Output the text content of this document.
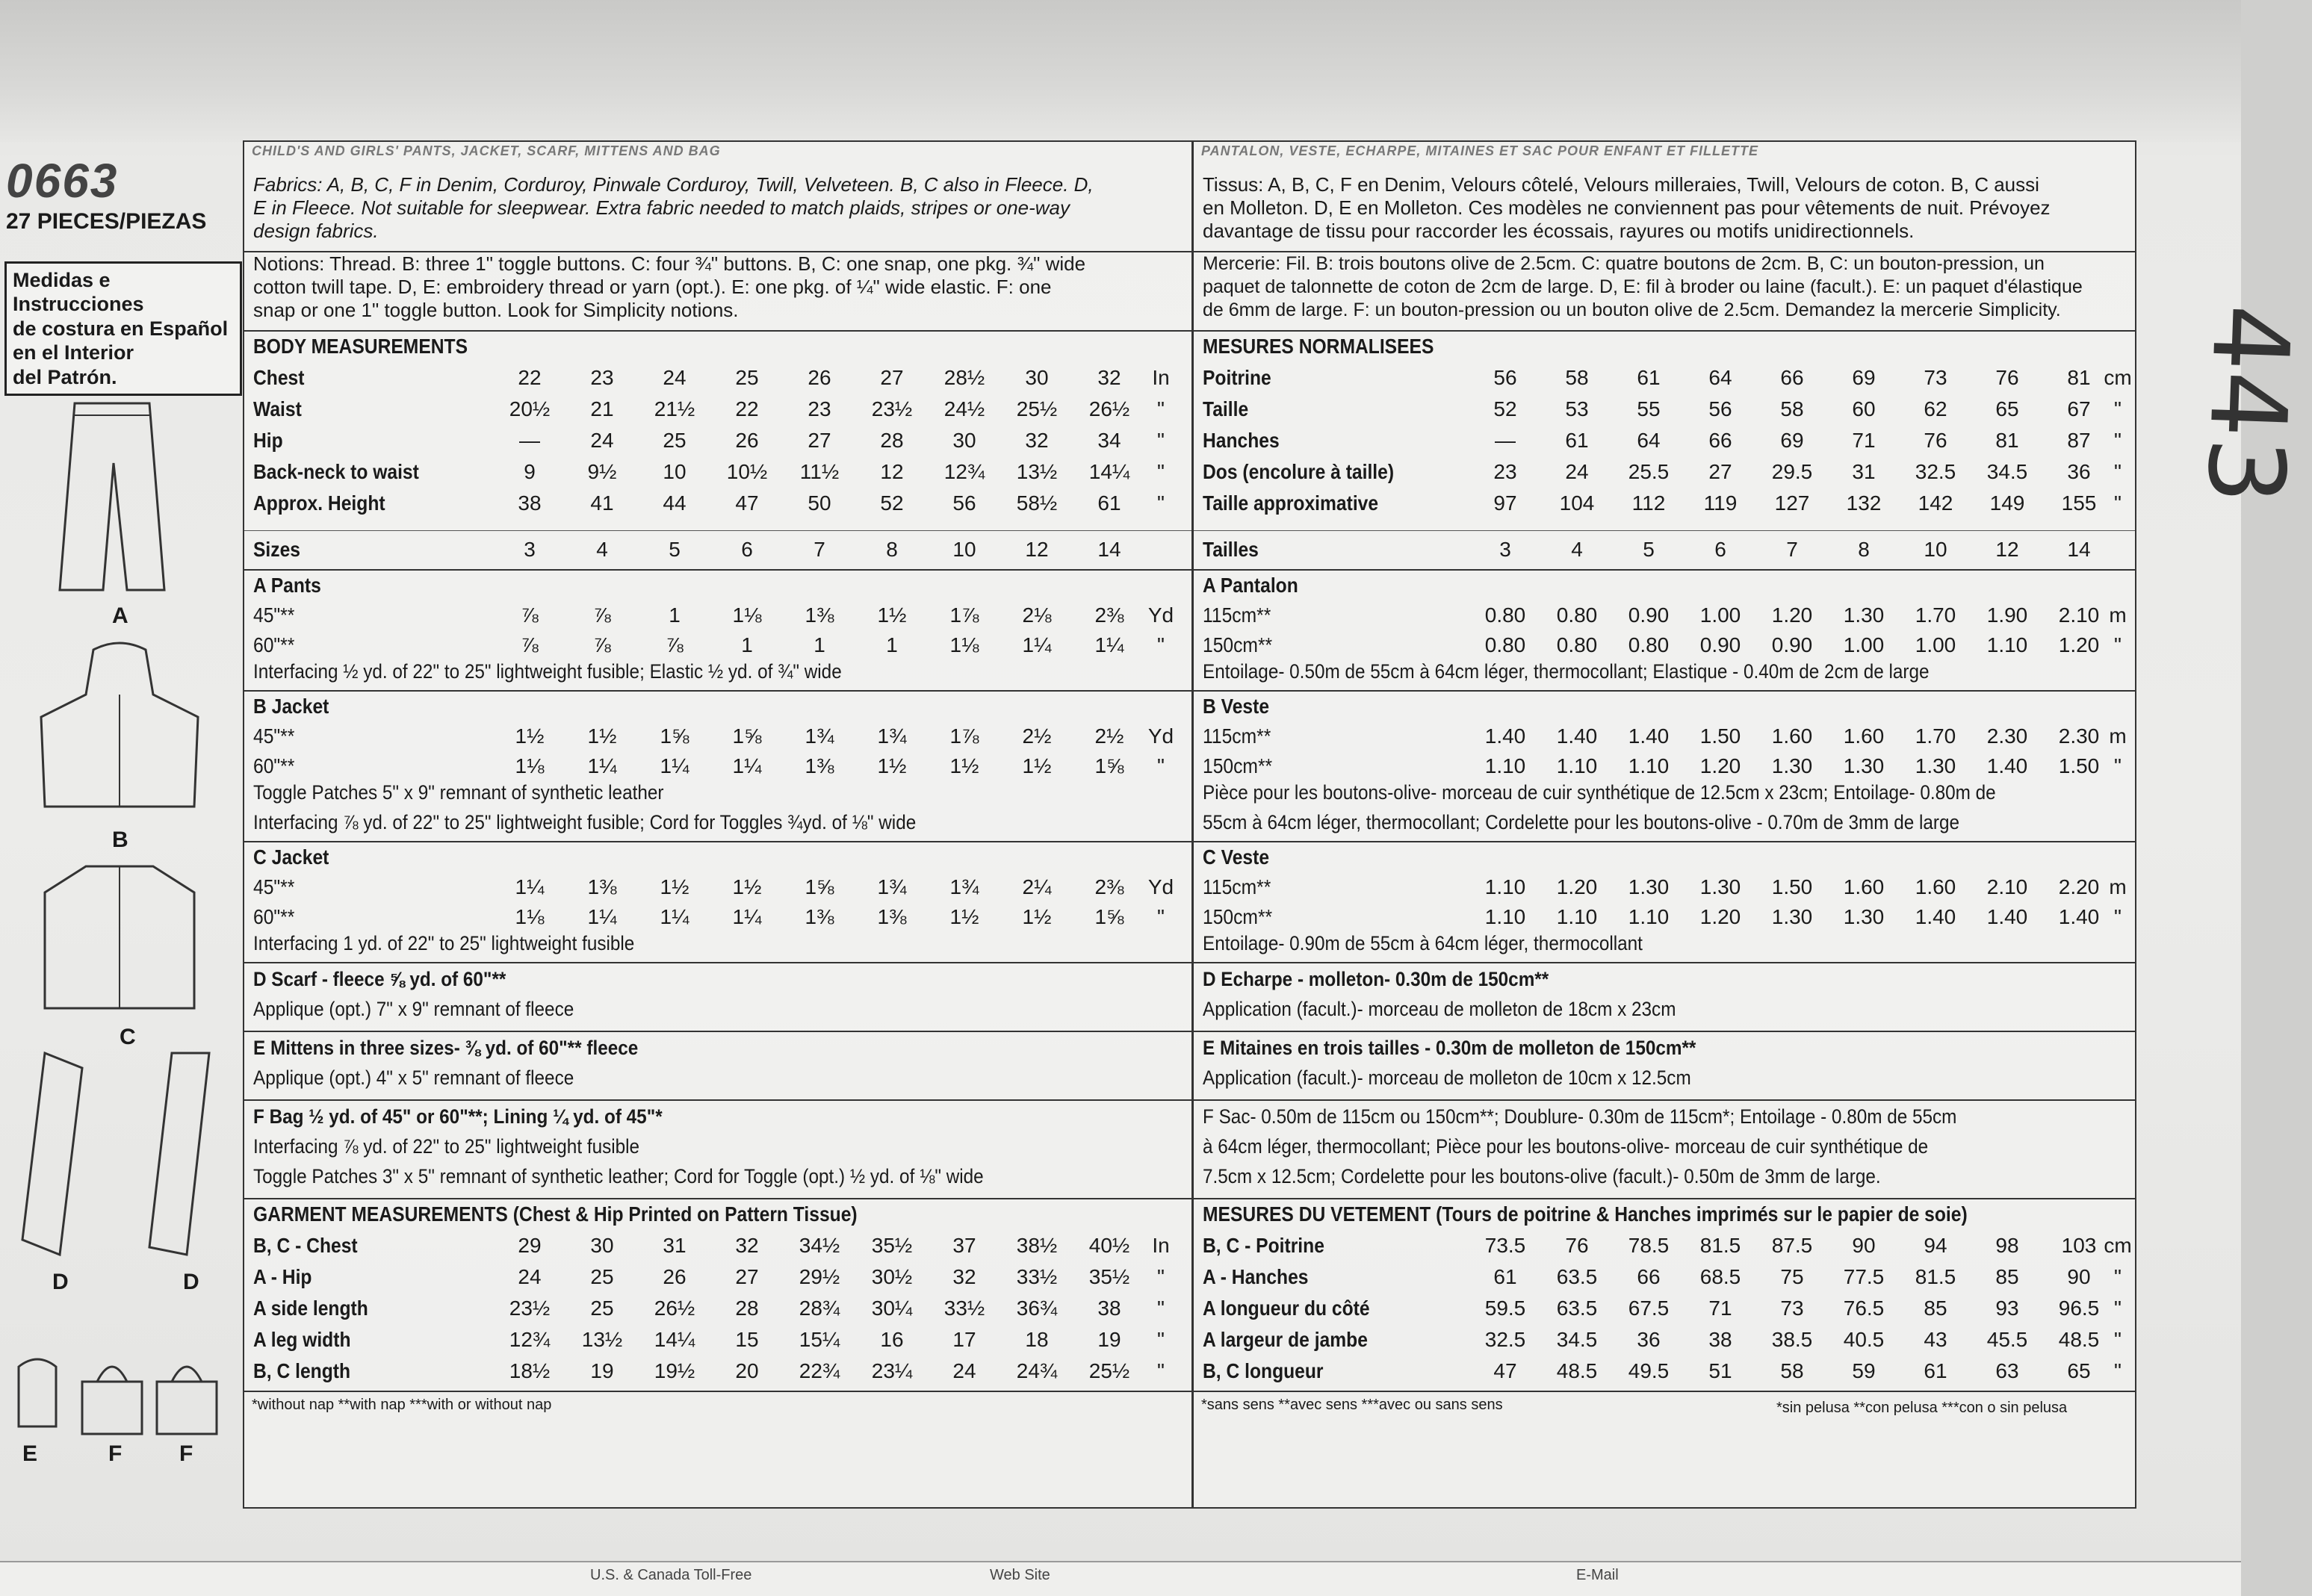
0663
27 PIECES/PIEZAS
Medidas e Instrucciones
de costura en Español
en el Interior
del Patrón.	443
A
B
C
D	D
E	F	F
CHILD'S AND GIRLS' PANTS, JACKET, SCARF, MITTENS AND BAG
Fabrics: A, B, C, F in Denim, Corduroy, Pinwale Corduroy, Twill, Velveteen. B, C also in Fleece. D,
E in Fleece. Not suitable for sleepwear. Extra fabric needed to match plaids, stripes or one-way
design fabrics.
Notions: Thread. B: three 1" toggle buttons. C: four ¾" buttons. B, C: one snap, one pkg. ¾" wide
cotton twill tape. D, E: embroidery thread or yarn (opt.). E: one pkg. of ¼" wide elastic. F: one
snap or one 1" toggle button. Look for Simplicity notions.
BODY MEASUREMENTS
Chest	22	23	24	25	26	27	28½	30	32	In
Waist	20½	21	21½	22	23	23½	24½	25½	26½	"
Hip	—	24	25	26	27	28	30	32	34	"
Back-neck to waist	9	9½	10	10½	11½	12	12¾	13½	14¼	"
Approx. Height	38	41	44	47	50	52	56	58½	61	"
Sizes	3	4	5	6	7	8	10	12	14
A Pants
45"**	⅞	⅞	1	1⅛	1⅜	1½	1⅞	2⅛	2⅜	Yd
60"**	⅞	⅞	⅞	1	1	1	1⅛	1¼	1¼	"
Interfacing ½ yd. of 22" to 25" lightweight fusible; Elastic ½ yd. of ¾" wide
B Jacket
45"**	1½	1½	1⅝	1⅝	1¾	1¾	1⅞	2½	2½	Yd
60"**	1⅛	1¼	1¼	1¼	1⅜	1½	1½	1½	1⅝	"
Toggle Patches 5" x 9" remnant of synthetic leather
Interfacing ⅞ yd. of 22" to 25" lightweight fusible; Cord for Toggles ¾yd. of ⅛" wide
C Jacket
45"**	1¼	1⅜	1½	1½	1⅝	1¾	1¾	2¼	2⅜	Yd
60"**	1⅛	1¼	1¼	1¼	1⅜	1⅜	1½	1½	1⅝	"
Interfacing 1 yd. of 22" to 25" lightweight fusible
D Scarf - fleece ⅝ yd. of 60"**
Applique (opt.) 7" x 9" remnant of fleece
E Mittens in three sizes- ⅜ yd. of 60"** fleece
Applique (opt.) 4" x 5" remnant of fleece
F Bag ½ yd. of 45" or 60"**; Lining ¼ yd. of 45"*
Interfacing ⅞ yd. of 22" to 25" lightweight fusible
Toggle Patches 3" x 5" remnant of synthetic leather; Cord for Toggle (opt.) ½ yd. of ⅛" wide
GARMENT MEASUREMENTS (Chest & Hip Printed on Pattern Tissue)
B, C - Chest	29	30	31	32	34½	35½	37	38½	40½	In
A - Hip	24	25	26	27	29½	30½	32	33½	35½	"
A side length	23½	25	26½	28	28¾	30¼	33½	36¾	38	"
A leg width	12¾	13½	14¼	15	15¼	16	17	18	19	"
B, C length	18½	19	19½	20	22¾	23¼	24	24¾	25½	"
*without nap **with nap ***with or without nap
PANTALON, VESTE, ECHARPE, MITAINES ET SAC POUR ENFANT ET FILLETTE
Tissus: A, B, C, F en Denim, Velours côtelé, Velours milleraies, Twill, Velours de coton. B, C aussi
en Molleton. D, E en Molleton. Ces modèles ne conviennent pas pour vêtements de nuit. Prévoyez
davantage de tissu pour raccorder les écossais, rayures ou motifs unidirectionnels.
Mercerie: Fil. B: trois boutons olive de 2.5cm. C: quatre boutons de 2cm. B, C: un bouton-pression, un
paquet de talonnette de coton de 2cm de large. D, E: fil à broder ou laine (facult.). E: un paquet d'élastique
de 6mm de large. F: un bouton-pression ou un bouton olive de 2.5cm. Demandez la mercerie Simplicity.
MESURES NORMALISEES
Poitrine	56	58	61	64	66	69	73	76	81 cm
Taille	52	53	55	56	58	60	62	65	67	"
Hanches	—	61	64	66	69	71	76	81	87	"
Dos (encolure à taille)	23	24	25.5	27	29.5	31	32.5	34.5	36	"
Taille approximative	97	104	112	119	127	132	142	149	155 "
Tailles	3	4	5	6	7	8	10	12	14
A Pantalon
115cm**	0.80	0.80	0.90	1.00	1.20	1.30	1.70	1.90	2.10 m
150cm**	0.80	0.80	0.80	0.90	0.90	1.00	1.00	1.10	1.20 "
Entoilage- 0.50m de 55cm à 64cm léger, thermocollant; Elastique - 0.40m de 2cm de large
B Veste
115cm**	1.40	1.40	1.40	1.50	1.60	1.60	1.70	2.30	2.30 m
150cm**	1.10	1.10	1.10	1.20	1.30	1.30	1.30	1.40	1.50 "
Pièce pour les boutons-olive- morceau de cuir synthétique de 12.5cm x 23cm; Entoilage- 0.80m de
55cm à 64cm léger, thermocollant; Cordelette pour les boutons-olive - 0.70m de 3mm de large
C Veste
115cm**	1.10	1.20	1.30	1.30	1.50	1.60	1.60	2.10	2.20 m
150cm**	1.10	1.10	1.10	1.20	1.30	1.30	1.40	1.40	1.40 "
Entoilage- 0.90m de 55cm à 64cm léger, thermocollant
D Echarpe - molleton- 0.30m de 150cm**
Application (facult.)- morceau de molleton de 18cm x 23cm
E Mitaines en trois tailles - 0.30m de molleton de 150cm**
Application (facult.)- morceau de molleton de 10cm x 12.5cm
F Sac- 0.50m de 115cm ou 150cm**; Doublure- 0.30m de 115cm*; Entoilage - 0.80m de 55cm
à 64cm léger, thermocollant; Pièce pour les boutons-olive- morceau de cuir synthétique de
7.5cm x 12.5cm; Cordelette pour les boutons-olive (facult.)- 0.50m de 3mm de large.
MESURES DU VETEMENT (Tours de poitrine & Hanches imprimés sur le papier de soie)
B, C - Poitrine	73.5	76	78.5	81.5	87.5	90	94	98	103 cm
A - Hanches	61	63.5	66	68.5	75	77.5	81.5	85	90	"
A longueur du côté	59.5	63.5	67.5	71	73	76.5	85	93	96.5 "
A largeur de jambe	32.5	34.5	36	38	38.5	40.5	43	45.5	48.5 "
B, C longueur	47	48.5	49.5	51	58	59	61	63	65	"
*sans sens **avec sens ***avec ou sans sens	*sin pelusa **con pelusa ***con o sin pelusa
U.S. & Canada Toll-Free	Web Site	E-Mail
